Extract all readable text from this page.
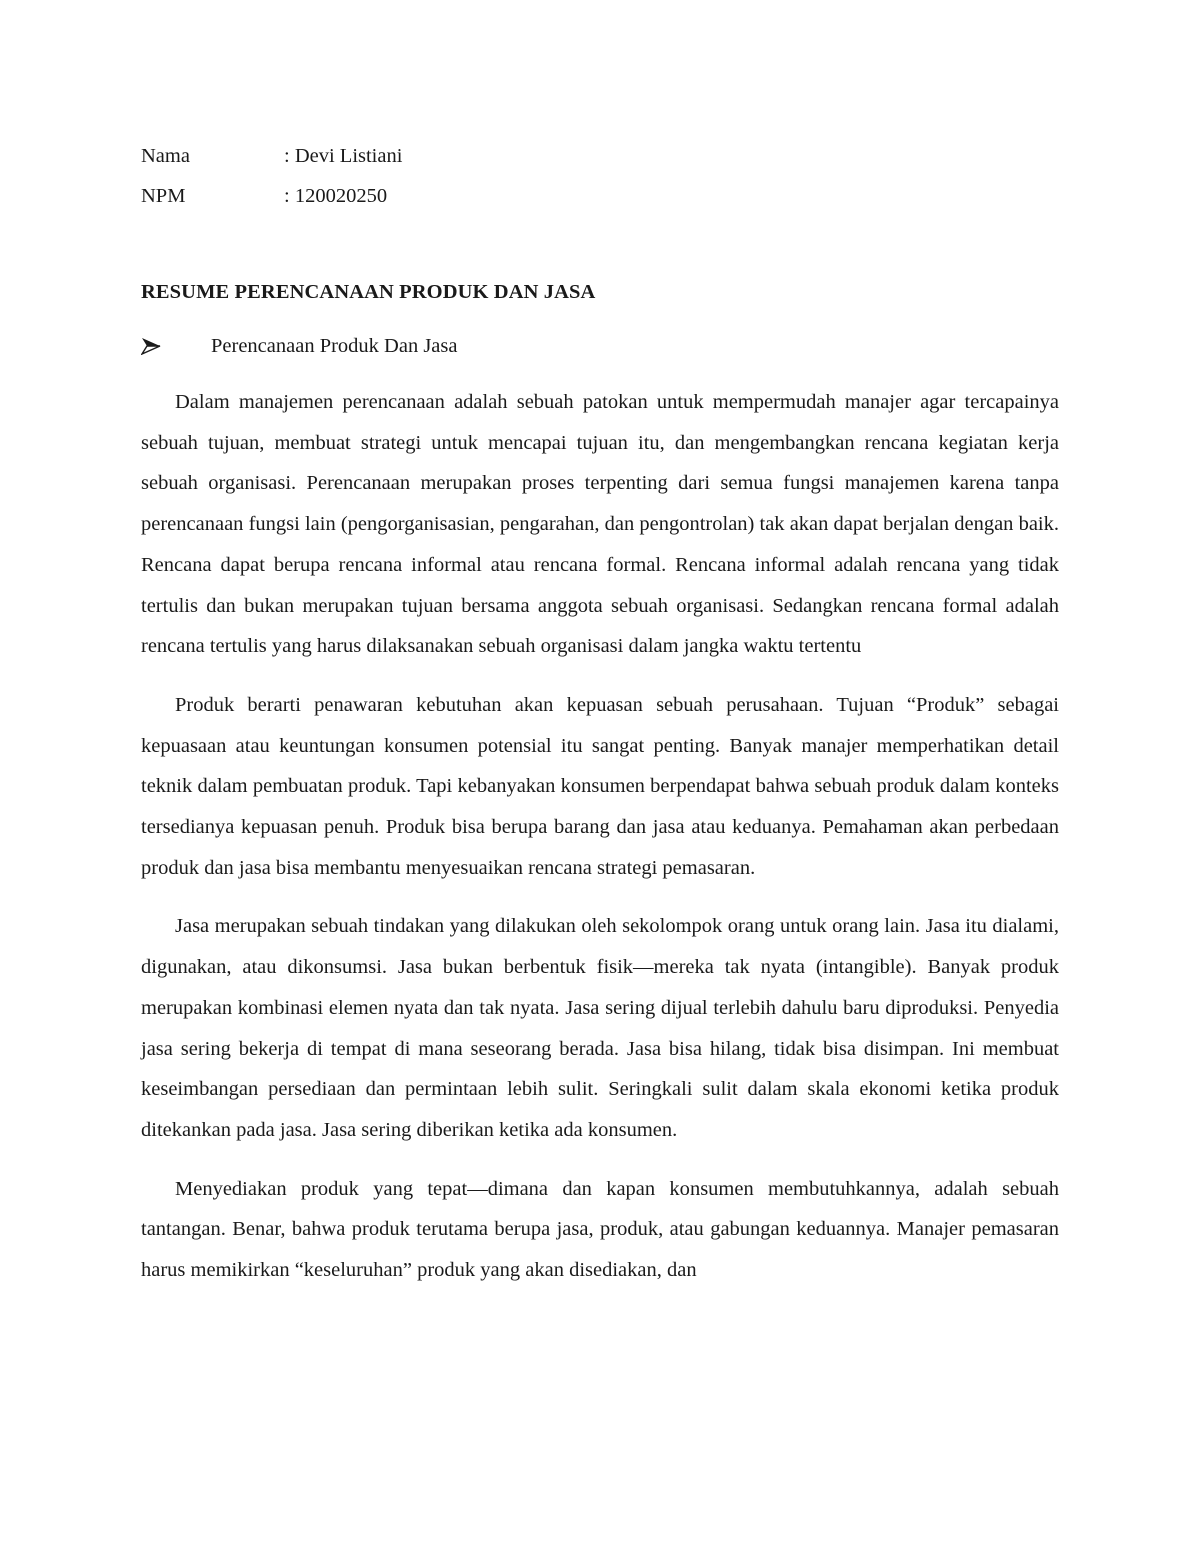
Nama	: Devi Listiani
NPM	: 120020250
RESUME PERENCANAAN PRODUK DAN JASA
Perencanaan Produk Dan Jasa

Dalam manajemen perencanaan adalah sebuah patokan untuk mempermudah manajer agar tercapainya sebuah tujuan, membuat strategi untuk mencapai tujuan itu, dan mengembangkan rencana kegiatan kerja sebuah organisasi. Perencanaan merupakan proses terpenting dari semua fungsi manajemen karena tanpa perencanaan fungsi lain (pengorganisasian, pengarahan, dan pengontrolan) tak akan dapat berjalan dengan baik. Rencana dapat berupa rencana informal atau rencana formal. Rencana informal adalah rencana yang tidak tertulis dan bukan merupakan tujuan bersama anggota sebuah organisasi. Sedangkan rencana formal adalah rencana tertulis yang harus dilaksanakan sebuah organisasi dalam jangka waktu tertentu

Produk berarti penawaran kebutuhan akan kepuasan sebuah perusahaan. Tujuan “Produk” sebagai kepuasaan atau keuntungan konsumen potensial itu sangat penting. Banyak manajer memperhatikan detail teknik dalam pembuatan produk. Tapi kebanyakan konsumen berpendapat bahwa sebuah produk dalam konteks tersedianya kepuasan penuh. Produk bisa berupa barang dan jasa atau keduanya. Pemahaman akan perbedaan produk dan jasa bisa membantu menyesuaikan rencana strategi pemasaran.

Jasa merupakan sebuah tindakan yang dilakukan oleh sekolompok orang untuk orang lain. Jasa itu dialami, digunakan, atau dikonsumsi. Jasa bukan berbentuk fisik—mereka tak nyata (intangible). Banyak produk merupakan kombinasi elemen nyata dan tak nyata. Jasa sering dijual terlebih dahulu baru diproduksi. Penyedia jasa sering bekerja di tempat di mana seseorang berada. Jasa bisa hilang, tidak bisa disimpan. Ini membuat keseimbangan persediaan dan permintaan lebih sulit. Seringkali sulit dalam skala ekonomi ketika produk ditekankan pada jasa. Jasa sering diberikan ketika ada konsumen.

Menyediakan produk yang tepat—dimana dan kapan konsumen membutuhkannya, adalah sebuah tantangan. Benar, bahwa produk terutama berupa jasa, produk, atau gabungan keduannya. Manajer pemasaran harus memikirkan “keseluruhan” produk yang akan disediakan, dan
